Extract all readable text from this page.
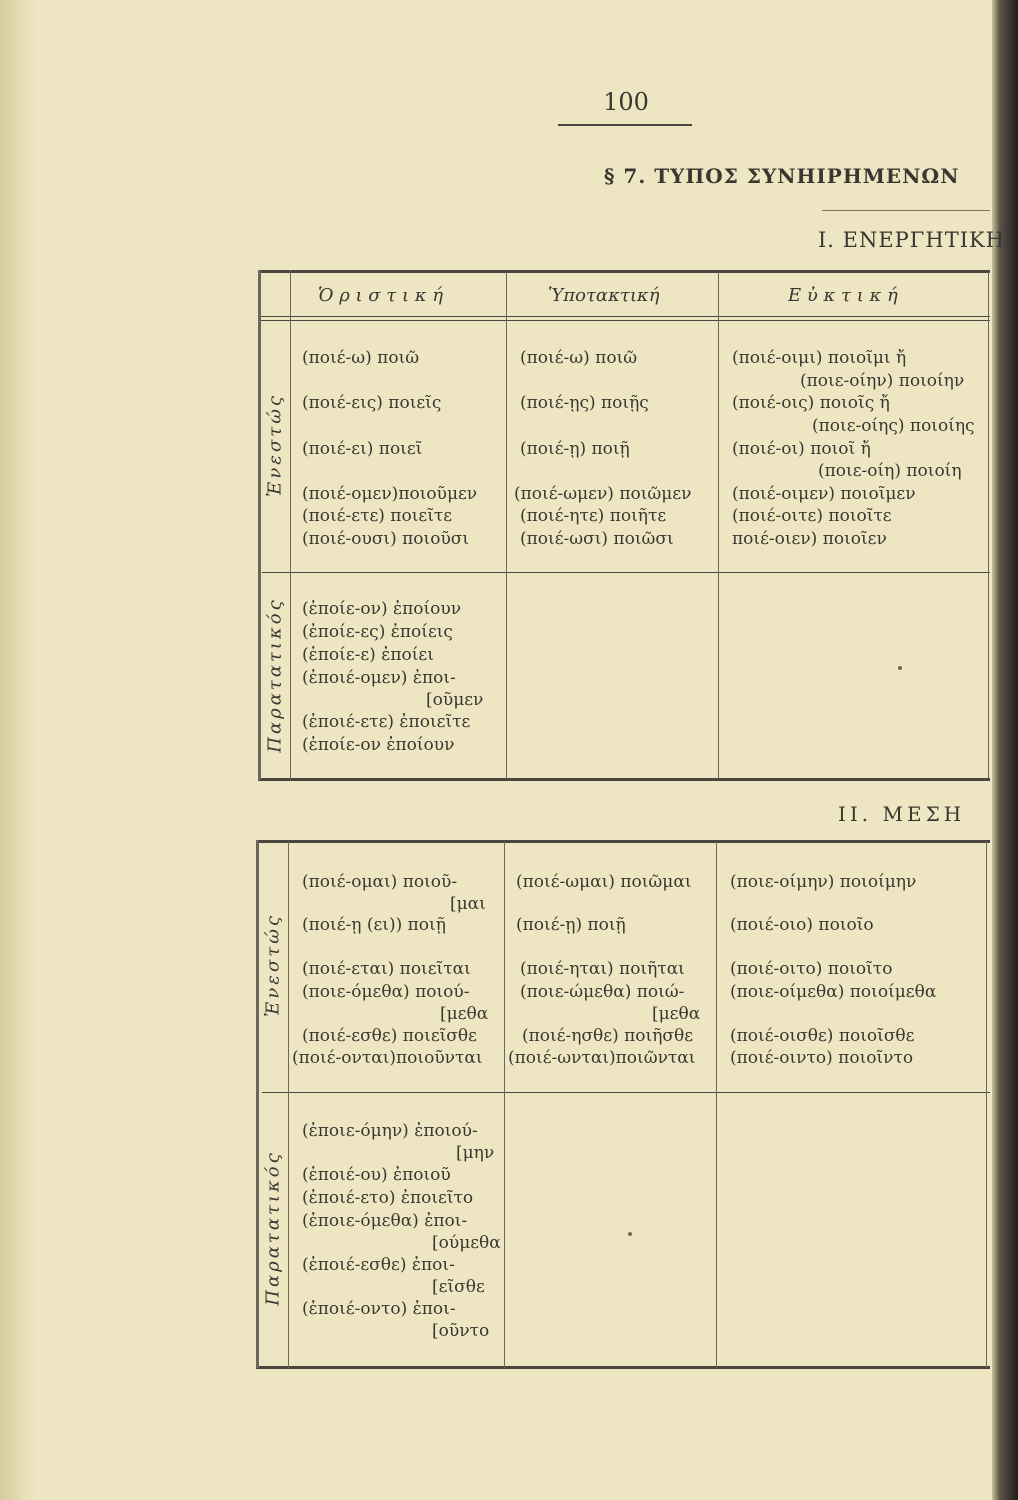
100
§ 7. ΤΥΠΟΣ ΣΥΝΗΙΡΗΜΕΝΩΝ
Ι. ΕΝΕΡΓΗΤΙΚΗ
Ὁ ρ ι σ τ ι κ ή	Ὑποτακτική	Ε ὐ κ τ ι κ ή
Ἐνεστώς
Παρατατικός
(ποιέ-ω) ποιῶ
(ποιέ-εις) ποιεῖς
(ποιέ-ει) ποιεῖ
(ποιέ-ομεν)ποιοῦμεν
(ποιέ-ετε) ποιεῖτε
(ποιέ-ουσι) ποιοῦσι
(ποιέ-ω) ποιῶ
(ποιέ-ῃς) ποιῇς
(ποιέ-ῃ) ποιῇ
(ποιέ-ωμεν) ποιῶμεν
(ποιέ-ητε) ποιῆτε
(ποιέ-ωσι) ποιῶσι
(ποιέ-οιμι) ποιοῖμι ἤ
(ποιε-οίην) ποιοίην
(ποιέ-οις) ποιοῖς ἤ
(ποιε-οίης) ποιοίης
(ποιέ-οι) ποιοῖ ἤ
(ποιε-οίη) ποιοίη
(ποιέ-οιμεν) ποιοῖμεν
(ποιέ-οιτε) ποιοῖτε
ποιέ-οιεν) ποιοῖεν
(ἐποίε-ον) ἐποίουν
(ἐποίε-ες) ἐποίεις
(ἐποίε-ε) ἐποίει
(ἐποιέ-ομεν) ἐποι-
[οῦμεν
(ἐποιέ-ετε) ἐποιεῖτε
(ἐποίε-ον ἐποίουν
ΙΙ. ΜΕΣΗ
Ἐνεστώς
Παρατατικός
(ποιέ-ομαι) ποιοῦ-
[μαι
(ποιέ-ῃ (ει)) ποιῇ
(ποιέ-εται) ποιεῖται
(ποιε-όμεθα) ποιού-
[μεθα
(ποιέ-εσθε) ποιεῖσθε
(ποιέ-ονται)ποιοῦνται
(ποιέ-ωμαι) ποιῶμαι
(ποιέ-ῃ) ποιῇ
(ποιέ-ηται) ποιῆται
(ποιε-ώμεθα) ποιώ-
[μεθα
(ποιέ-ησθε) ποιῆσθε
(ποιέ-ωνται)ποιῶνται
(ποιε-οίμην) ποιοίμην
(ποιέ-οιο) ποιοῖο
(ποιέ-οιτο) ποιοῖτο
(ποιε-οίμεθα) ποιοίμεθα
(ποιέ-οισθε) ποιοῖσθε
(ποιέ-οιντο) ποιοῖντο
(ἐποιε-όμην) ἐποιού-
[μην
(ἐποιέ-ου) ἐποιοῦ
(ἐποιέ-ετο) ἐποιεῖτο
(ἐποιε-όμεθα) ἐποι-
[ούμεθα
(ἐποιέ-εσθε) ἐποι-
[εῖσθε
(ἐποιέ-οντο) ἐποι-
[οῦντο
